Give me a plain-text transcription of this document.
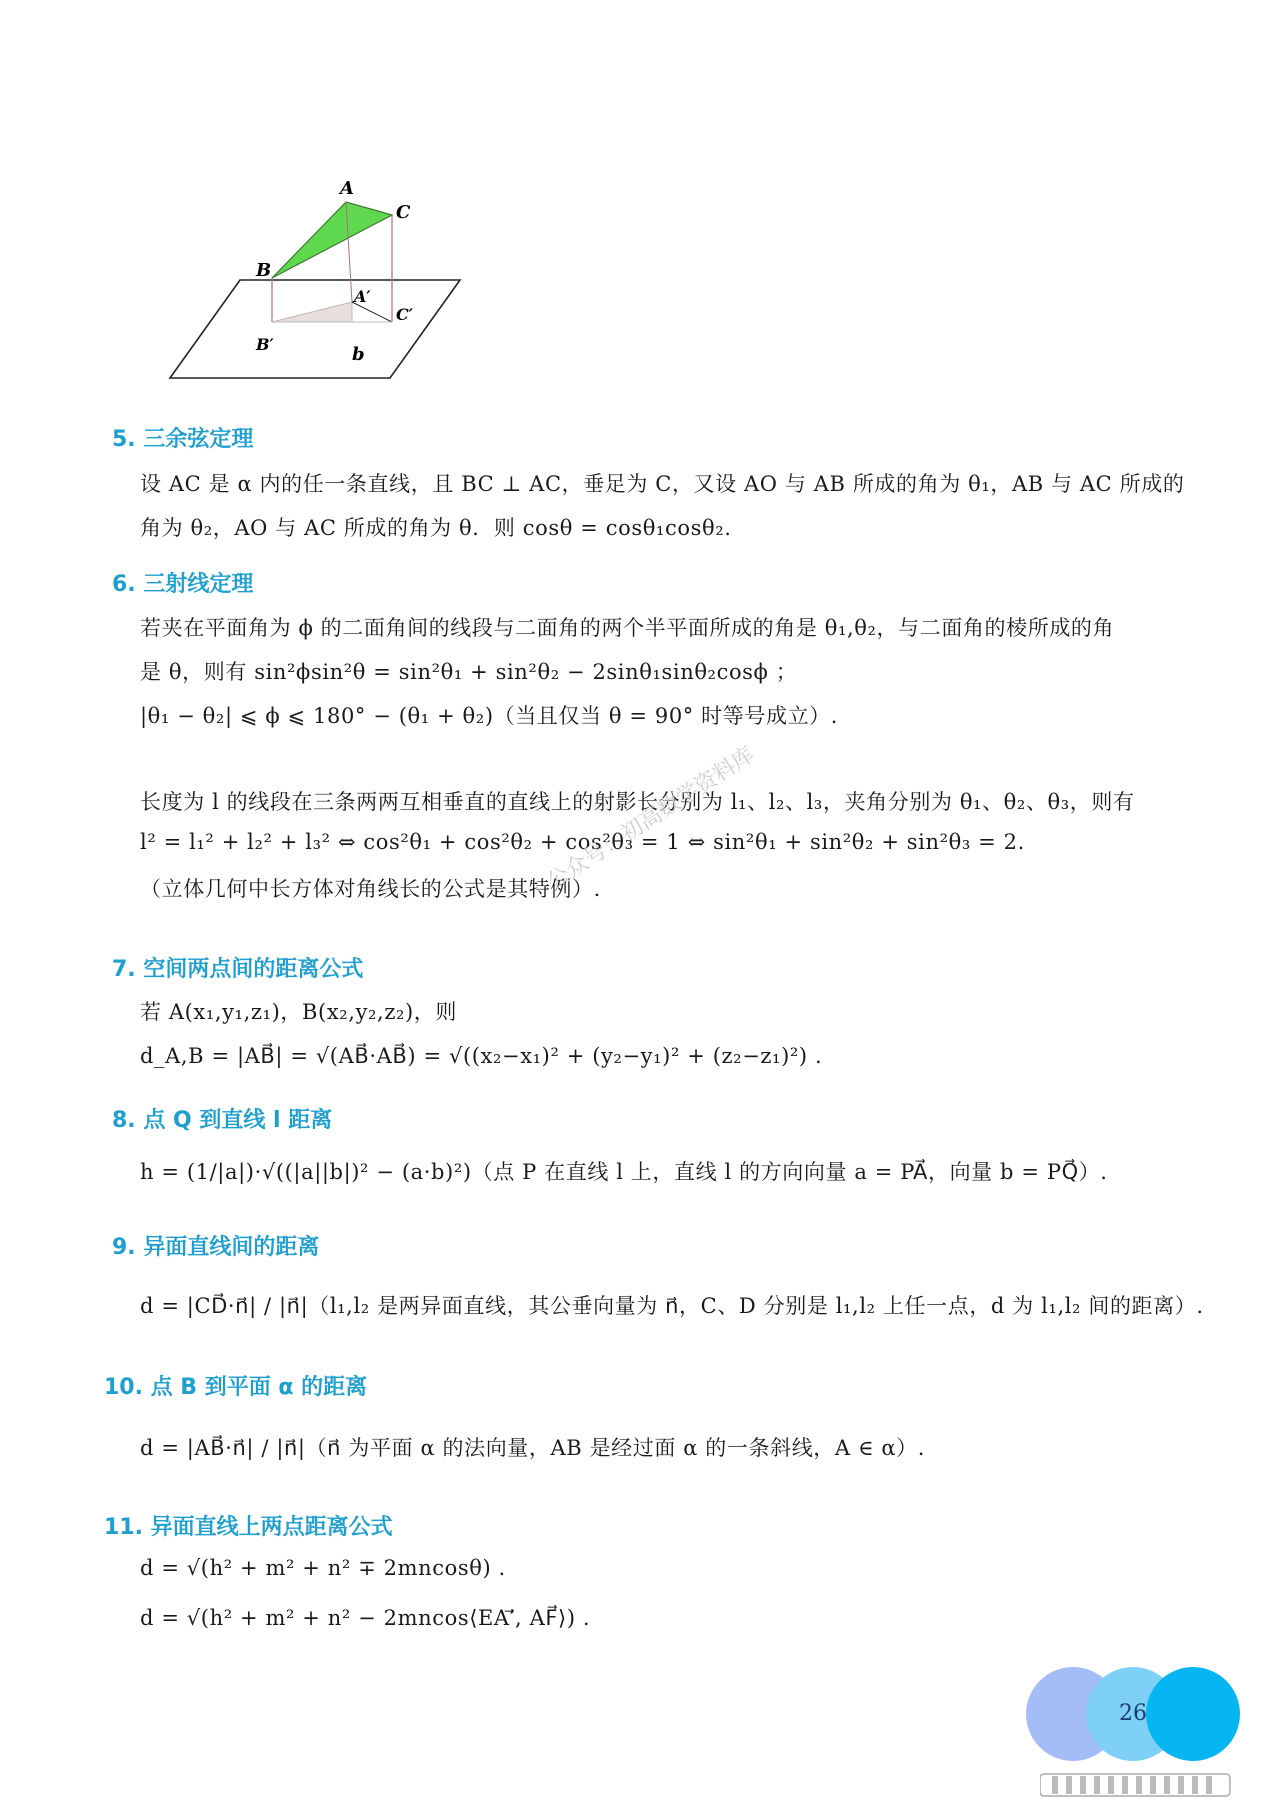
A
C
B
A′
C′
B′	b
5. 三余弦定理
设 AC 是 α 内的任一条直线，且 BC ⊥ AC，垂足为 C，又设 AO 与 AB 所成的角为 θ₁，AB 与 AC 所成的
角为 θ₂，AO 与 AC 所成的角为 θ．则 cosθ = cosθ₁cosθ₂.
6. 三射线定理
若夹在平面角为 ϕ 的二面角间的线段与二面角的两个半平面所成的角是 θ₁,θ₂，与二面角的棱所成的角
是 θ，则有 sin²ϕsin²θ = sin²θ₁ + sin²θ₂ − 2sinθ₁sinθ₂cosϕ ；
|θ₁ − θ₂| ⩽ ϕ ⩽ 180° − (θ₁ + θ₂)（当且仅当 θ = 90° 时等号成立）.
长度为 l 的线段在三条两两互相垂直的直线上的射影长分别为 l₁、l₂、l₃，夹角分别为 θ₁、θ₂、θ₃，则有
l² = l₁² + l₂² + l₃² ⇔ cos²θ₁ + cos²θ₂ + cos²θ₃ = 1 ⇔ sin²θ₁ + sin²θ₂ + sin²θ₃ = 2.
（立体几何中长方体对角线长的公式是其特例）.
7. 空间两点间的距离公式
若 A(x₁,y₁,z₁)，B(x₂,y₂,z₂)，则
d_A,B = |AB⃗| = √(AB⃗·AB⃗) = √((x₂−x₁)² + (y₂−y₁)² + (z₂−z₁)²) .
8. 点 Q 到直线 l 距离
h = (1/|a|)·√((|a||b|)² − (a·b)²)（点 P 在直线 l 上，直线 l 的方向向量 a = PA⃗，向量 b = PQ⃗）.
9. 异面直线间的距离
d = |CD⃗·n⃗| / |n⃗|（l₁,l₂ 是两异面直线，其公垂向量为 n⃗，C、D 分别是 l₁,l₂ 上任一点，d 为 l₁,l₂ 间的距离）.
10. 点 B 到平面 α 的距离
d = |AB⃗·n⃗| / |n⃗|（n⃗ 为平面 α 的法向量，AB 是经过面 α 的一条斜线，A ∈ α）.
11. 异面直线上两点距离公式
d = √(h² + m² + n² ∓ 2mncosθ) .
d = √(h² + m² + n² − 2mncos⟨EA′⃗, AF⃗⟩) .
公众号：初高数学资料库
26
